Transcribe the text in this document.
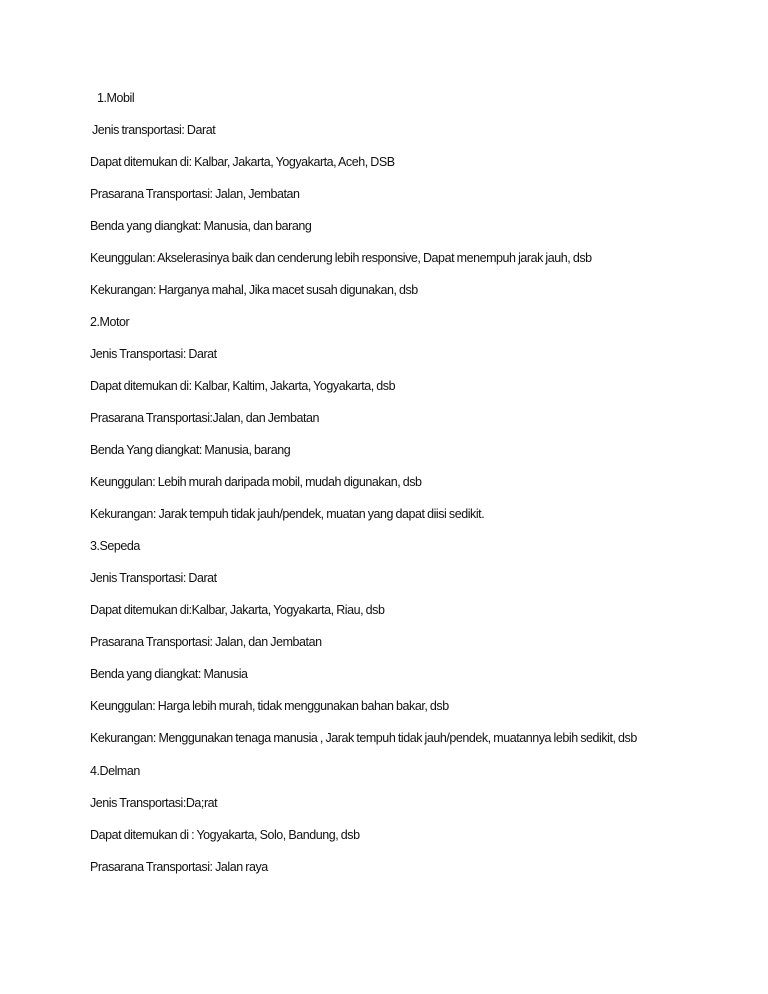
1.Mobil

Jenis transportasi: Darat

Dapat ditemukan di: Kalbar, Jakarta, Yogyakarta, Aceh, DSB

Prasarana Transportasi: Jalan, Jembatan

Benda yang diangkat: Manusia, dan barang

Keunggulan: Akselerasinya baik dan cenderung lebih responsive, Dapat menempuh jarak jauh, dsb

Kekurangan: Harganya mahal, Jika macet susah digunakan, dsb

2.Motor

Jenis Transportasi: Darat

Dapat ditemukan di: Kalbar, Kaltim, Jakarta, Yogyakarta, dsb

Prasarana Transportasi:Jalan, dan Jembatan

Benda Yang diangkat: Manusia, barang

Keunggulan: Lebih murah daripada mobil, mudah digunakan, dsb

Kekurangan: Jarak tempuh tidak jauh/pendek, muatan yang dapat diisi sedikit.

3.Sepeda

Jenis Transportasi: Darat

Dapat ditemukan di:Kalbar, Jakarta, Yogyakarta, Riau, dsb

Prasarana Transportasi: Jalan, dan Jembatan

Benda yang diangkat: Manusia

Keunggulan: Harga lebih murah, tidak menggunakan bahan bakar, dsb

Kekurangan: Menggunakan tenaga manusia , Jarak tempuh tidak jauh/pendek, muatannya lebih sedikit, dsb

4.Delman

Jenis Transportasi:Da;rat

Dapat ditemukan di : Yogyakarta, Solo, Bandung, dsb

Prasarana Transportasi: Jalan raya
